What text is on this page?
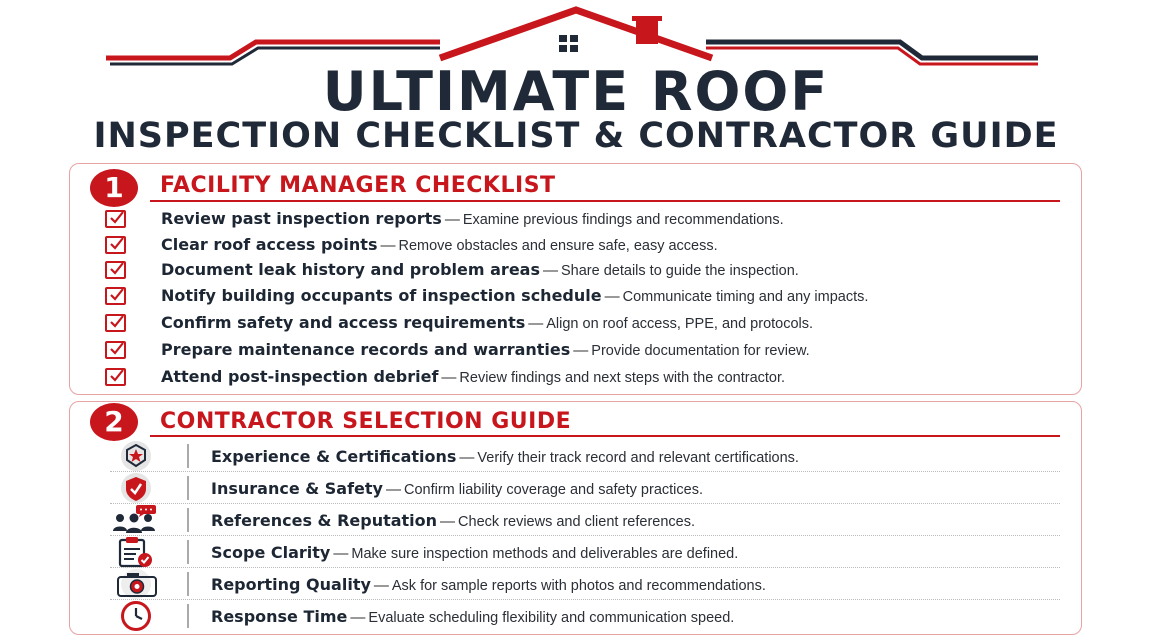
ULTIMATE ROOF
INSPECTION CHECKLIST & CONTRACTOR GUIDE
1	FACILITY MANAGER CHECKLIST
Review past inspection reports — Examine previous findings and recommendations.
Clear roof access points — Remove obstacles and ensure safe, easy access.
Document leak history and problem areas — Share details to guide the inspection.
Notify building occupants of inspection schedule — Communicate timing and any impacts.
Confirm safety and access requirements — Align on roof access, PPE, and protocols.
Prepare maintenance records and warranties — Provide documentation for review.
Attend post-inspection debrief — Review findings and next steps with the contractor.
2	CONTRACTOR SELECTION GUIDE
Experience & Certifications — Verify their track record and relevant certifications.
Insurance & Safety — Confirm liability coverage and safety practices.
References & Reputation — Check reviews and client references.
Scope Clarity — Make sure inspection methods and deliverables are defined.
Reporting Quality — Ask for sample reports with photos and recommendations.
Response Time — Evaluate scheduling flexibility and communication speed.
